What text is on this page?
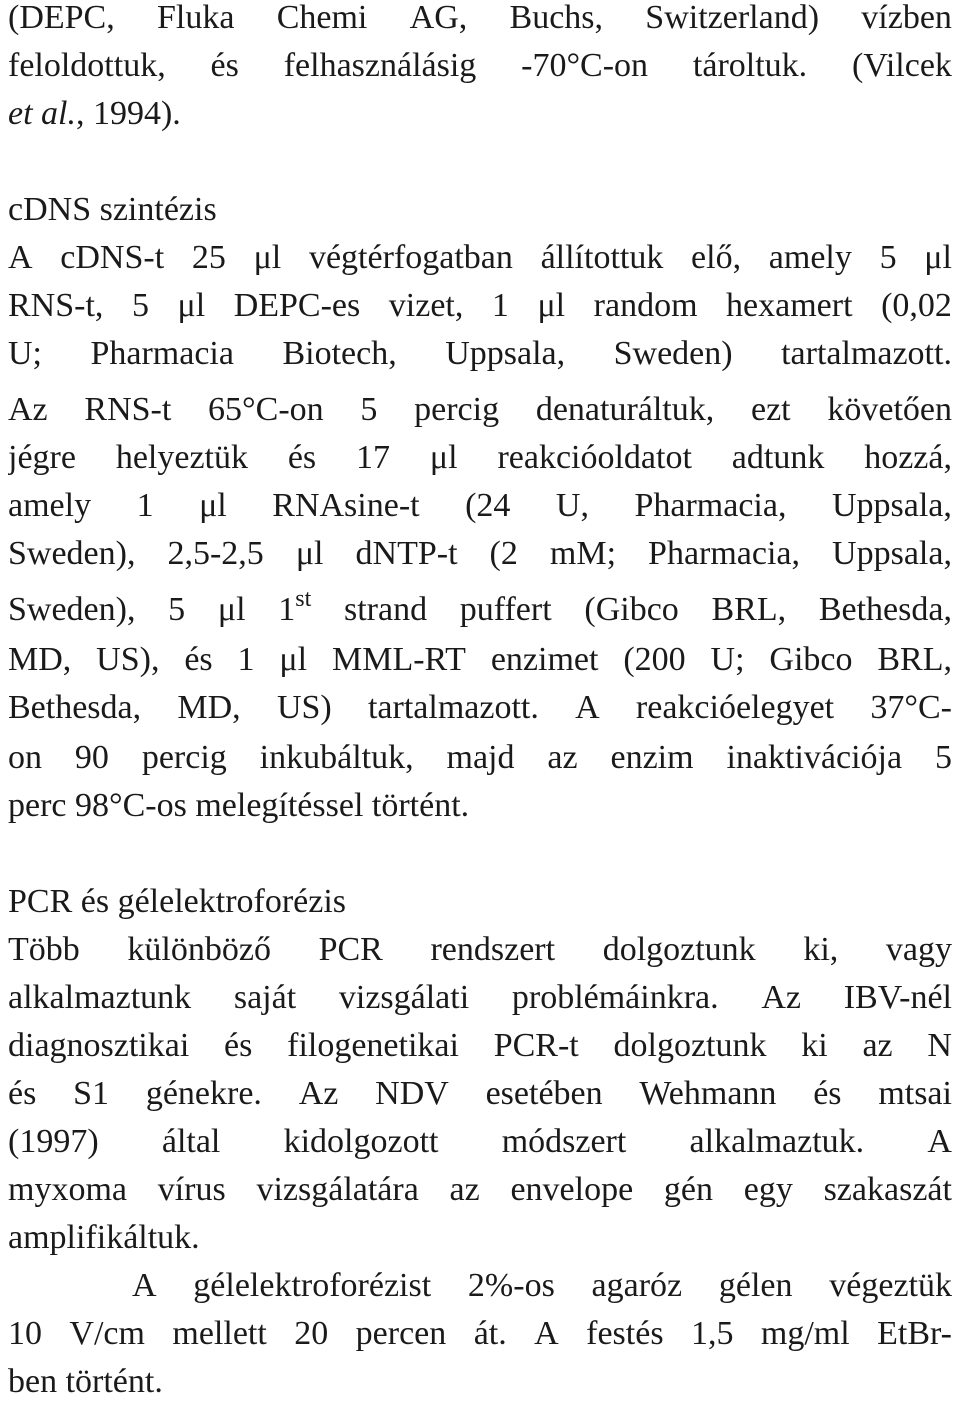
(DEPC, Fluka Chemi AG, Buchs, Switzerland) vízben
feloldottuk, és felhasználásig -70°C-on tároltuk. (Vilcek
et al., 1994).
cDNS szintézis
A cDNS-t 25 μl végtérfogatban állítottuk elő, amely 5 μl
RNS-t, 5 μl DEPC-es vizet, 1 μl random hexamert (0,02
U; Pharmacia Biotech, Uppsala, Sweden) tartalmazott.
Az RNS-t 65°C-on 5 percig denaturáltuk, ezt követően
jégre helyeztük és 17 μl reakcióoldatot adtunk hozzá,
amely 1 μl RNAsine-t (24 U, Pharmacia, Uppsala,
Sweden), 2,5-2,5 μl dNTP-t (2 mM; Pharmacia, Uppsala,
Sweden), 5 μl 1st strand puffert (Gibco BRL, Bethesda,
MD, US), és 1 μl MML-RT enzimet (200 U; Gibco BRL,
Bethesda, MD, US) tartalmazott. A reakcióelegyet 37°C-
on 90 percig inkubáltuk, majd az enzim inaktivációja 5
perc 98°C-os melegítéssel történt.
PCR és gélelektroforézis
Több különböző PCR rendszert dolgoztunk ki, vagy
alkalmaztunk saját vizsgálati problémáinkra. Az IBV-nél
diagnosztikai és filogenetikai PCR-t dolgoztunk ki az N
és S1 génekre. Az NDV esetében Wehmann és mtsai
(1997) által kidolgozott módszert alkalmaztuk. A
myxoma vírus vizsgálatára az envelope gén egy szakaszát
amplifikáltuk.
A gélelektroforézist 2%-os agaróz gélen végeztük
10 V/cm mellett 20 percen át. A festés 1,5 mg/ml EtBr-
ben történt.
